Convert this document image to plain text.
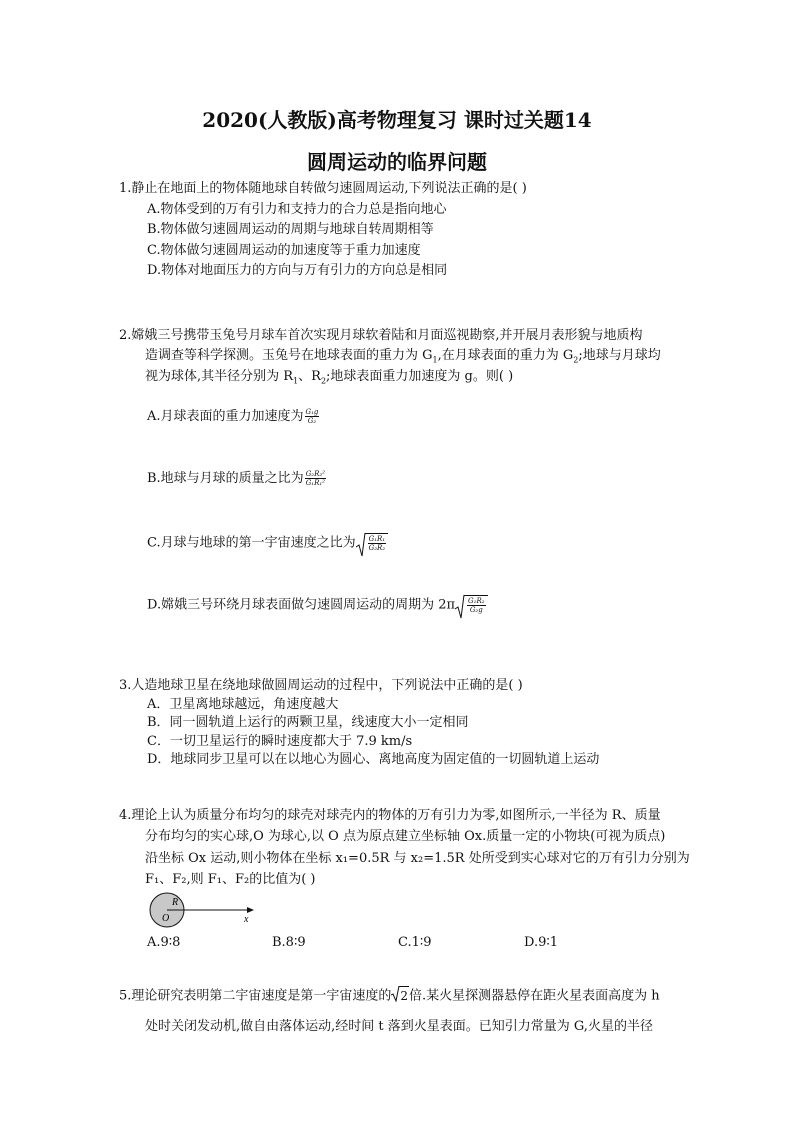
2020(人教版)高考物理复习 课时过关题14
圆周运动的临界问题
1.静止在地面上的物体随地球自转做匀速圆周运动,下列说法正确的是( )
A.物体受到的万有引力和支持力的合力总是指向地心
B.物体做匀速圆周运动的周期与地球自转周期相等
C.物体做匀速圆周运动的加速度等于重力加速度
D.物体对地面压力的方向与万有引力的方向总是相同
2.嫦娥三号携带玉兔号月球车首次实现月球软着陆和月面巡视勘察,并开展月表形貌与地质构
造调查等科学探测。玉兔号在地球表面的重力为 $G_1$,在月球表面的重力为 $G_2$;地球与月球均
视为球体,其半径分别为 $R_1$、$R_2$;地球表面重力加速度为 g。则( )
A.月球表面的重力加速度为 $\frac{\text{G₁g}}{\text{G₂}}$
B.地球与月球的质量之比为 $\frac{\text{G₂R₂²}}{\text{G₁R₁²}}$
C.月球与地球的第一宇宙速度之比为 $\frac{\text{G₁R₁}}{\text{G₂R₂}}$
D.嫦娥三号环绕月球表面做匀速圆周运动的周期为 $2\pi \frac{\text{G₁R₂}}{\text{G₂g}}$
3.人造地球卫星在绕地球做圆周运动的过程中，下列说法中正确的是( )
A．卫星离地球越远，角速度越大
B．同一圆轨道上运行的两颗卫星，线速度大小一定相同
C．一切卫星运行的瞬时速度都大于 7.9 km/s
D．地球同步卫星可以在以地心为圆心、离地高度为固定值的一切圆轨道上运动
4.理论上认为质量分布均匀的球壳对球壳内的物体的万有引力为零,如图所示,一半径为 R、质量
分布均匀的实心球,O 为球心,以 O 点为原点建立坐标轴 Ox.质量一定的小物块(可视为质点)
沿坐标 Ox 运动,则小物体在坐标 x₁=0.5R 与 x₂=1.5R 处所受到实心球对它的万有引力分别为
F₁、F₂,则 F₁、F₂的比值为( )
R
O	x
A.9∶8	B.8∶9	C.1∶9	D.9∶1
5.理论研究表明第二宇宙速度是第一宇宙速度的 2倍.某火星探测器悬停在距火星表面高度为 h
处时关闭发动机,做自由落体运动,经时间 t 落到火星表面。已知引力常量为 G,火星的半径
